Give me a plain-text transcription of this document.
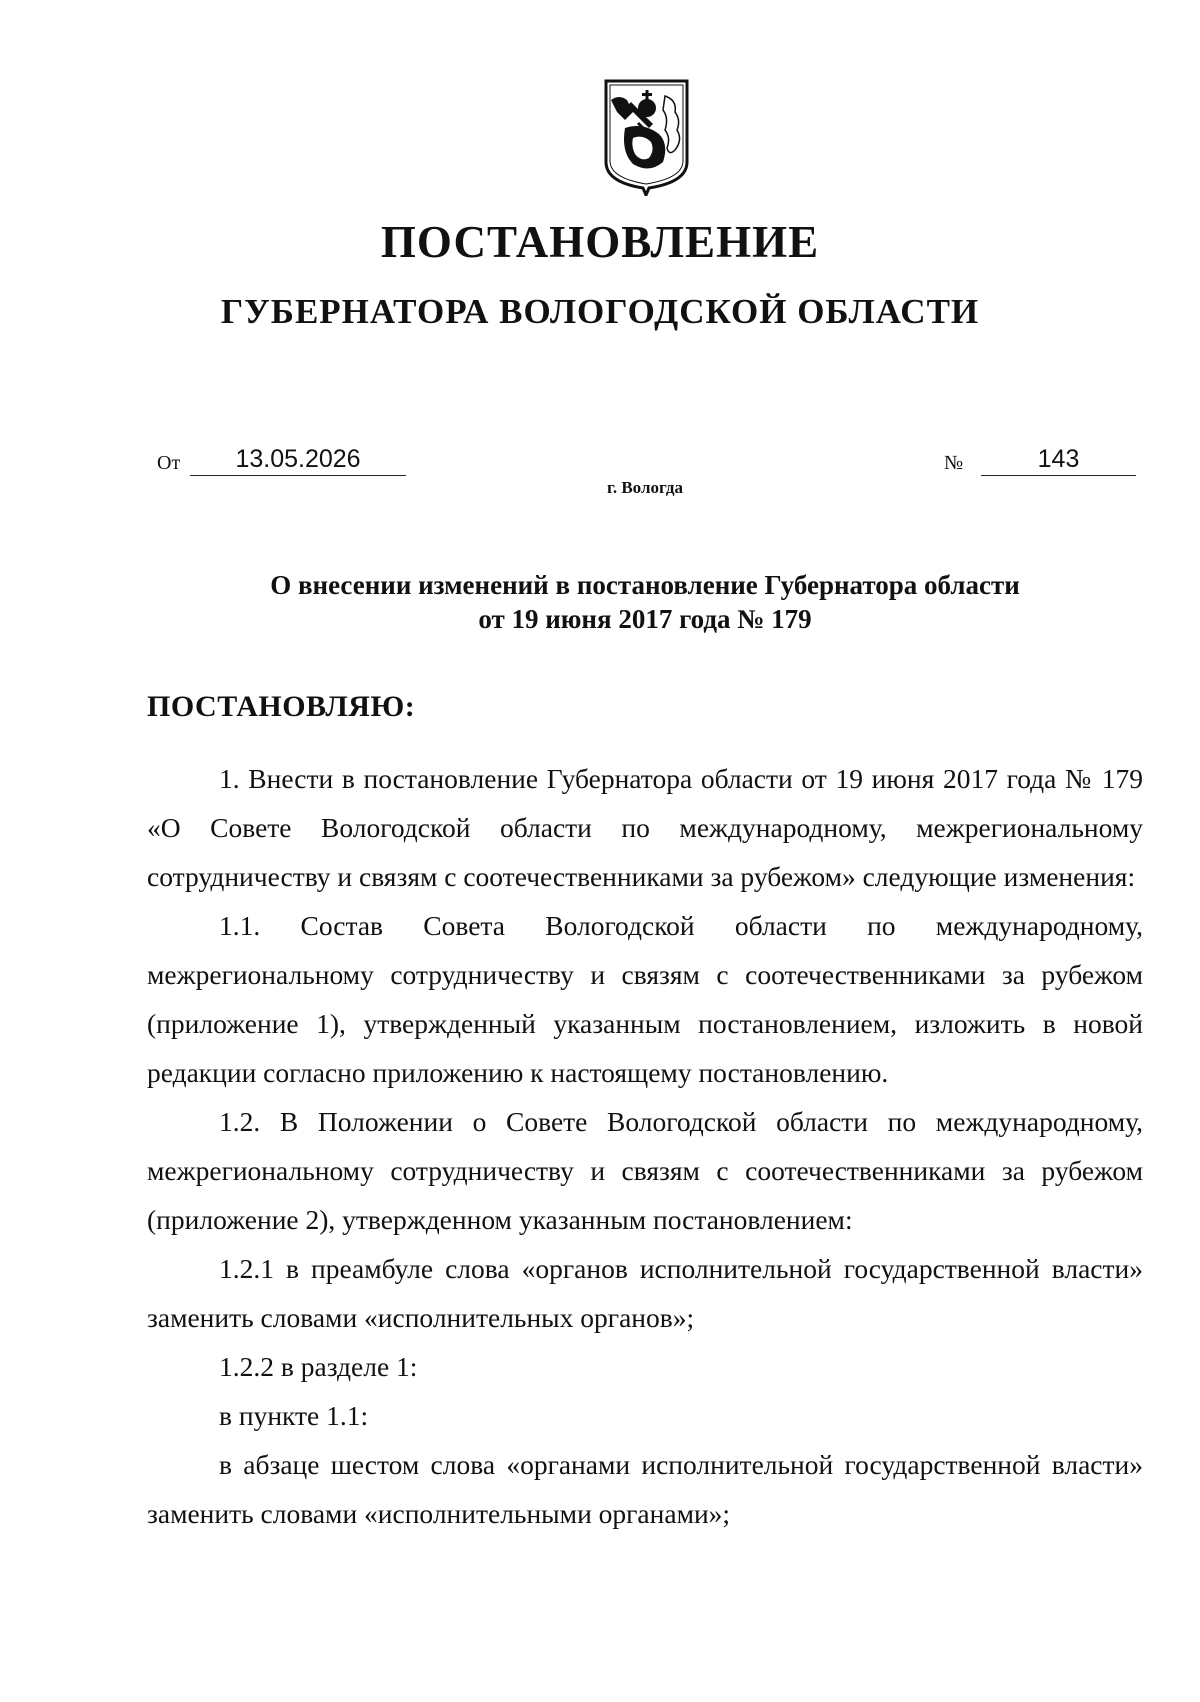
ПОСТАНОВЛЕНИЕ
ГУБЕРНАТОРА ВОЛОГОДСКОЙ ОБЛАСТИ
От	13.05.2026	№	143
г. Вологда
О внесении изменений в постановление Губернатора области
от 19 июня 2017 года № 179
ПОСТАНОВЛЯЮ:

1. Внести в постановление Губернатора области от 19 июня 2017 года № 179 «О Совете Вологодской области по международному, межрегиональному сотрудничеству и связям с соотечественниками за рубежом» следующие изменения:

1.1. Состав Совета Вологодской области по международному, межрегиональному сотрудничеству и связям с соотечественниками за рубежом (приложение 1), утвержденный указанным постановлением, изложить в новой редакции согласно приложению к настоящему постановлению.

1.2. В Положении о Совете Вологодской области по международному, межрегиональному сотрудничеству и связям с соотечественниками за рубежом (приложение 2), утвержденном указанным постановлением:

1.2.1 в преамбуле слова «органов исполнительной государственной власти» заменить словами «исполнительных органов»;

1.2.2 в разделе 1:

в пункте 1.1:

в абзаце шестом слова «органами исполнительной государственной власти» заменить словами «исполнительными органами»;
